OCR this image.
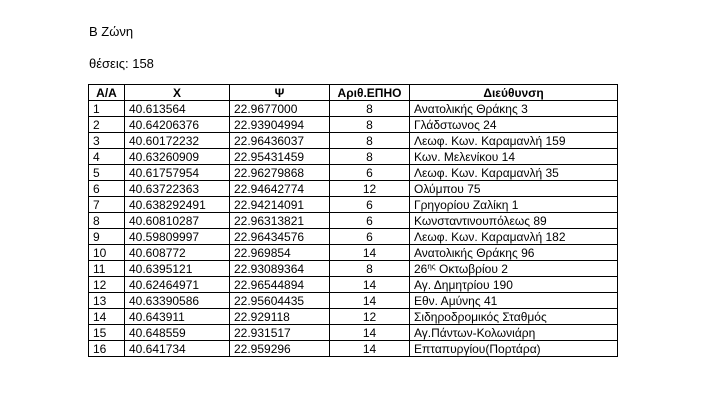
Β Ζώνη
θέσεις: 158
Α/Α	Χ	Ψ	Αριθ.ΕΠΗΟ	Διεύθυνση
1	40.613564	22.9677000	8	Ανατολικής Θράκης 3
2	40.64206376	22.93904994	8	Γλάδστωνος 24
3	40.60172232	22.96436037	8	Λεωφ. Κων. Καραμανλή 159
4	40.63260909	22.95431459	8	Κων. Μελενίκου 14
5	40.61757954	22.96279868	6	Λεωφ. Κων. Καραμανλή 35
6	40.63722363	22.94642774	12	Ολύμπου 75
7	40.638292491	22.94214091	6	Γρηγορίου Ζαλίκη 1
8	40.60810287	22.96313821	6	Κωνσταντινουπόλεως 89
9	40.59809997	22.96434576	6	Λεωφ. Κων. Καραμανλή 182
10	40.608772	22.969854	14	Ανατολικής Θράκης 96
11	40.6395121	22.93089364	8	$26^{\eta\varsigma}$ Οκτωβρίου 2
12	40.62464971	22.96544894	14	Αγ. Δημητρίου 190
13	40.63390586	22.95604435	14	Εθν. Αμύνης 41
14	40.643911	22.929118	12	Σιδηροδρομικός Σταθμός
15	40.648559	22.931517	14	Αγ.Πάντων-Κολωνιάρη
16	40.641734	22.959296	14	Επταπυργίου(Πορτάρα)
